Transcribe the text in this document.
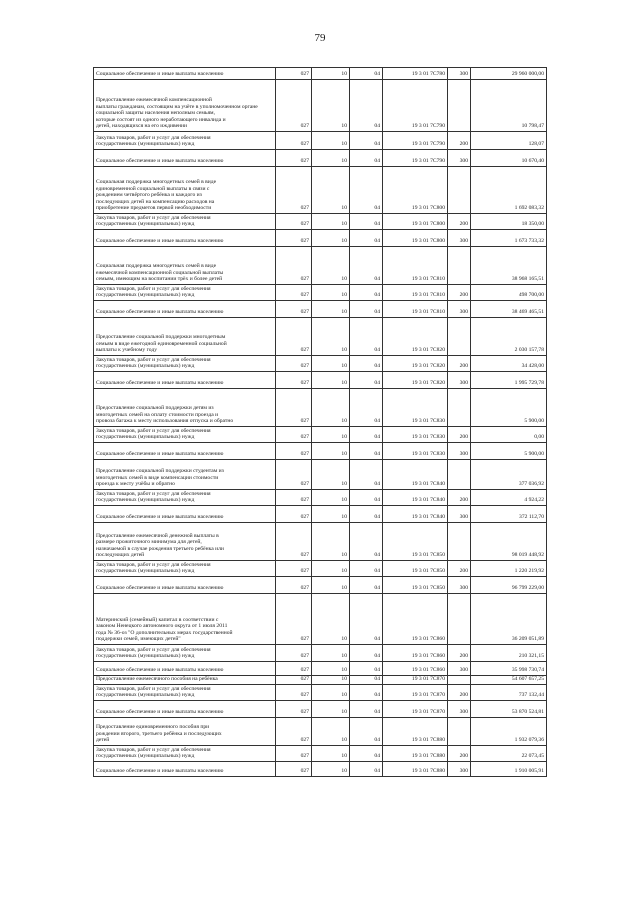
79
Социальное обеспечение и иные выплаты населению	027	10	04	19 3 01 7С780	300	29 960 000,00

Предоставление ежемесячной компенсационной
выплаты гражданам, состоящим на учёте в уполномоченном органе
социальной защиты населения неполным семьям,
которые состоят из одного неработающего инвалида и
детей, находящихся на его иждивении	027	10	04	19 3 01 7С790		10 798,47

Закупка товаров, работ и услуг для обеспечения
государственных (муниципальных) нужд	027	10	04	19 3 01 7С790	200	128,07

Социальное обеспечение и иные выплаты населению	027	10	04	19 3 01 7С790	300	10 670,40

Социальная поддержка многодетных семей в виде
единовременной социальной выплаты в связи с
рождением четвёртого ребёнка и каждого из
последующих детей на компенсацию расходов на
приобретение предметов первой необходимости	027	10	04	19 3 01 7С800		1 692 083,32

Закупка товаров, работ и услуг для обеспечения
государственных (муниципальных) нужд	027	10	04	19 3 01 7С800	200	18 350,00

Социальное обеспечение и иные выплаты населению	027	10	04	19 3 01 7С800	300	1 673 733,32

Социальная поддержка многодетных семей в виде
ежемесячной компенсационной социальной выплаты
семьям, имеющим на воспитании трёх и более детей	027	10	04	19 3 01 7С810		38 968 165,51

Закупка товаров, работ и услуг для обеспечения
государственных (муниципальных) нужд	027	10	04	19 3 01 7С810	200	498 700,00

Социальное обеспечение и иные выплаты населению	027	10	04	19 3 01 7С810	300	38 469 465,51

Предоставление социальной поддержки многодетным
семьям в виде ежегодной единовременной социальной
выплаты к учебному году	027	10	04	19 3 01 7С820		2 030 157,78

Закупка товаров, работ и услуг для обеспечения
государственных (муниципальных) нужд	027	10	04	19 3 01 7С820	200	34 428,00

Социальное обеспечение и иные выплаты населению	027	10	04	19 3 01 7С820	300	1 995 729,78

Предоставление социальной поддержки детям из
многодетных семей на оплату стоимости проезда и
провоза багажа к месту использования отпуска и обратно	027	10	04	19 3 01 7С830		5 900,00

Закупка товаров, работ и услуг для обеспечения
государственных (муниципальных) нужд	027	10	04	19 3 01 7С830	200	0,00

Социальное обеспечение и иные выплаты населению	027	10	04	19 3 01 7С830	300	5 900,00

Предоставление социальной поддержки студентам из
многодетных семей в виде компенсации стоимости
проезда к месту учёбы и обратно	027	10	04	19 3 01 7С840		377 036,92

Закупка товаров, работ и услуг для обеспечения
государственных (муниципальных) нужд	027	10	04	19 3 01 7С840	200	4 924,22

Социальное обеспечение и иные выплаты населению	027	10	04	19 3 01 7С840	300	372 112,70

Предоставление ежемесячной денежной выплаты в
размере прожиточного минимума для детей,
назначаемой в случае рождения третьего ребёнка или
последующих детей	027	10	04	19 3 01 7С850		98 019 448,92

Закупка товаров, работ и услуг для обеспечения
государственных (муниципальных) нужд	027	10	04	19 3 01 7С850	200	1 220 219,92

Социальное обеспечение и иные выплаты населению	027	10	04	19 3 01 7С850	300	96 799 229,00

Материнский (семейный) капитал в соответствии с
законом Ненецкого автономного округа от 1 июля 2011
года № 36-оз "О дополнительных мерах государственной
поддержки семей, имеющих детей"	027	10	04	19 3 01 7С860		36 209 051,89

Закупка товаров, работ и услуг для обеспечения
государственных (муниципальных) нужд	027	10	04	19 3 01 7С860	200	210 321,15

Социальное обеспечение и иные выплаты населению	027	10	04	19 3 01 7С860	300	35 998 730,74

Предоставление ежемесячного пособия на ребёнка	027	10	04	19 3 01 7С870		54 607 657,25

Закупка товаров, работ и услуг для обеспечения
государственных (муниципальных) нужд	027	10	04	19 3 01 7С870	200	737 132,44

Социальное обеспечение и иные выплаты населению	027	10	04	19 3 01 7С870	300	53 870 524,81

Предоставление единовременного пособия при
рождении второго, третьего ребёнка и последующих
детей	027	10	04	19 3 01 7С880		1 932 079,36

Закупка товаров, работ и услуг для обеспечения
государственных (муниципальных) нужд	027	10	04	19 3 01 7С880	200	22 073,45

Социальное обеспечение и иные выплаты населению	027	10	04	19 3 01 7С880	300	1 910 005,91
